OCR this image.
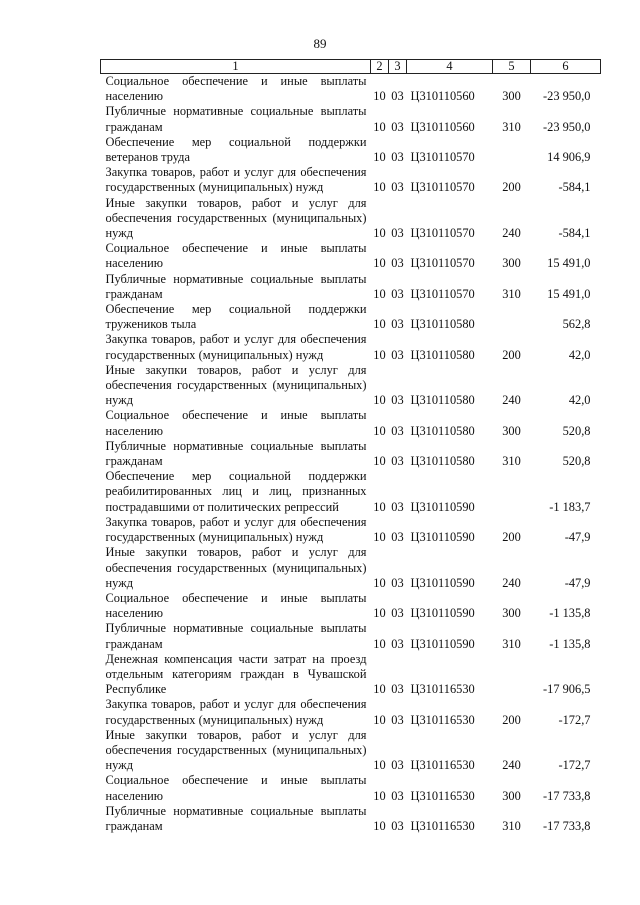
89
1	2	3	4	5	6
Социальное обеспечение и иные выплаты населению	10	03	Ц310110560	300	-23 950,0
Публичные нормативные социальные выплаты гражданам	10	03	Ц310110560	310	-23 950,0
Обеспечение мер социальной поддержки ветеранов труда	10	03	Ц310110570		14 906,9
Закупка товаров, работ и услуг для обеспечения государственных (муниципальных) нужд	10	03	Ц310110570	200	-584,1
Иные закупки товаров, работ и услуг для обеспечения государственных (муниципальных) нужд	10	03	Ц310110570	240	-584,1
Социальное обеспечение и иные выплаты населению	10	03	Ц310110570	300	15 491,0
Публичные нормативные социальные выплаты гражданам	10	03	Ц310110570	310	15 491,0
Обеспечение мер социальной поддержки тружеников тыла	10	03	Ц310110580		562,8
Закупка товаров, работ и услуг для обеспечения государственных (муниципальных) нужд	10	03	Ц310110580	200	42,0
Иные закупки товаров, работ и услуг для обеспечения государственных (муниципальных) нужд	10	03	Ц310110580	240	42,0
Социальное обеспечение и иные выплаты населению	10	03	Ц310110580	300	520,8
Публичные нормативные социальные выплаты гражданам	10	03	Ц310110580	310	520,8
Обеспечение мер социальной поддержки реабилитированных лиц и лиц, признанных пострадавшими от политических репрессий	10	03	Ц310110590		-1 183,7
Закупка товаров, работ и услуг для обеспечения государственных (муниципальных) нужд	10	03	Ц310110590	200	-47,9
Иные закупки товаров, работ и услуг для обеспечения государственных (муниципальных) нужд	10	03	Ц310110590	240	-47,9
Социальное обеспечение и иные выплаты населению	10	03	Ц310110590	300	-1 135,8
Публичные нормативные социальные выплаты гражданам	10	03	Ц310110590	310	-1 135,8
Денежная компенсация части затрат на проезд отдельным категориям граждан в Чувашской Республике	10	03	Ц310116530		-17 906,5
Закупка товаров, работ и услуг для обеспечения государственных (муниципальных) нужд	10	03	Ц310116530	200	-172,7
Иные закупки товаров, работ и услуг для обеспечения государственных (муниципальных) нужд	10	03	Ц310116530	240	-172,7
Социальное обеспечение и иные выплаты населению	10	03	Ц310116530	300	-17 733,8
Публичные нормативные социальные выплаты гражданам	10	03	Ц310116530	310	-17 733,8
